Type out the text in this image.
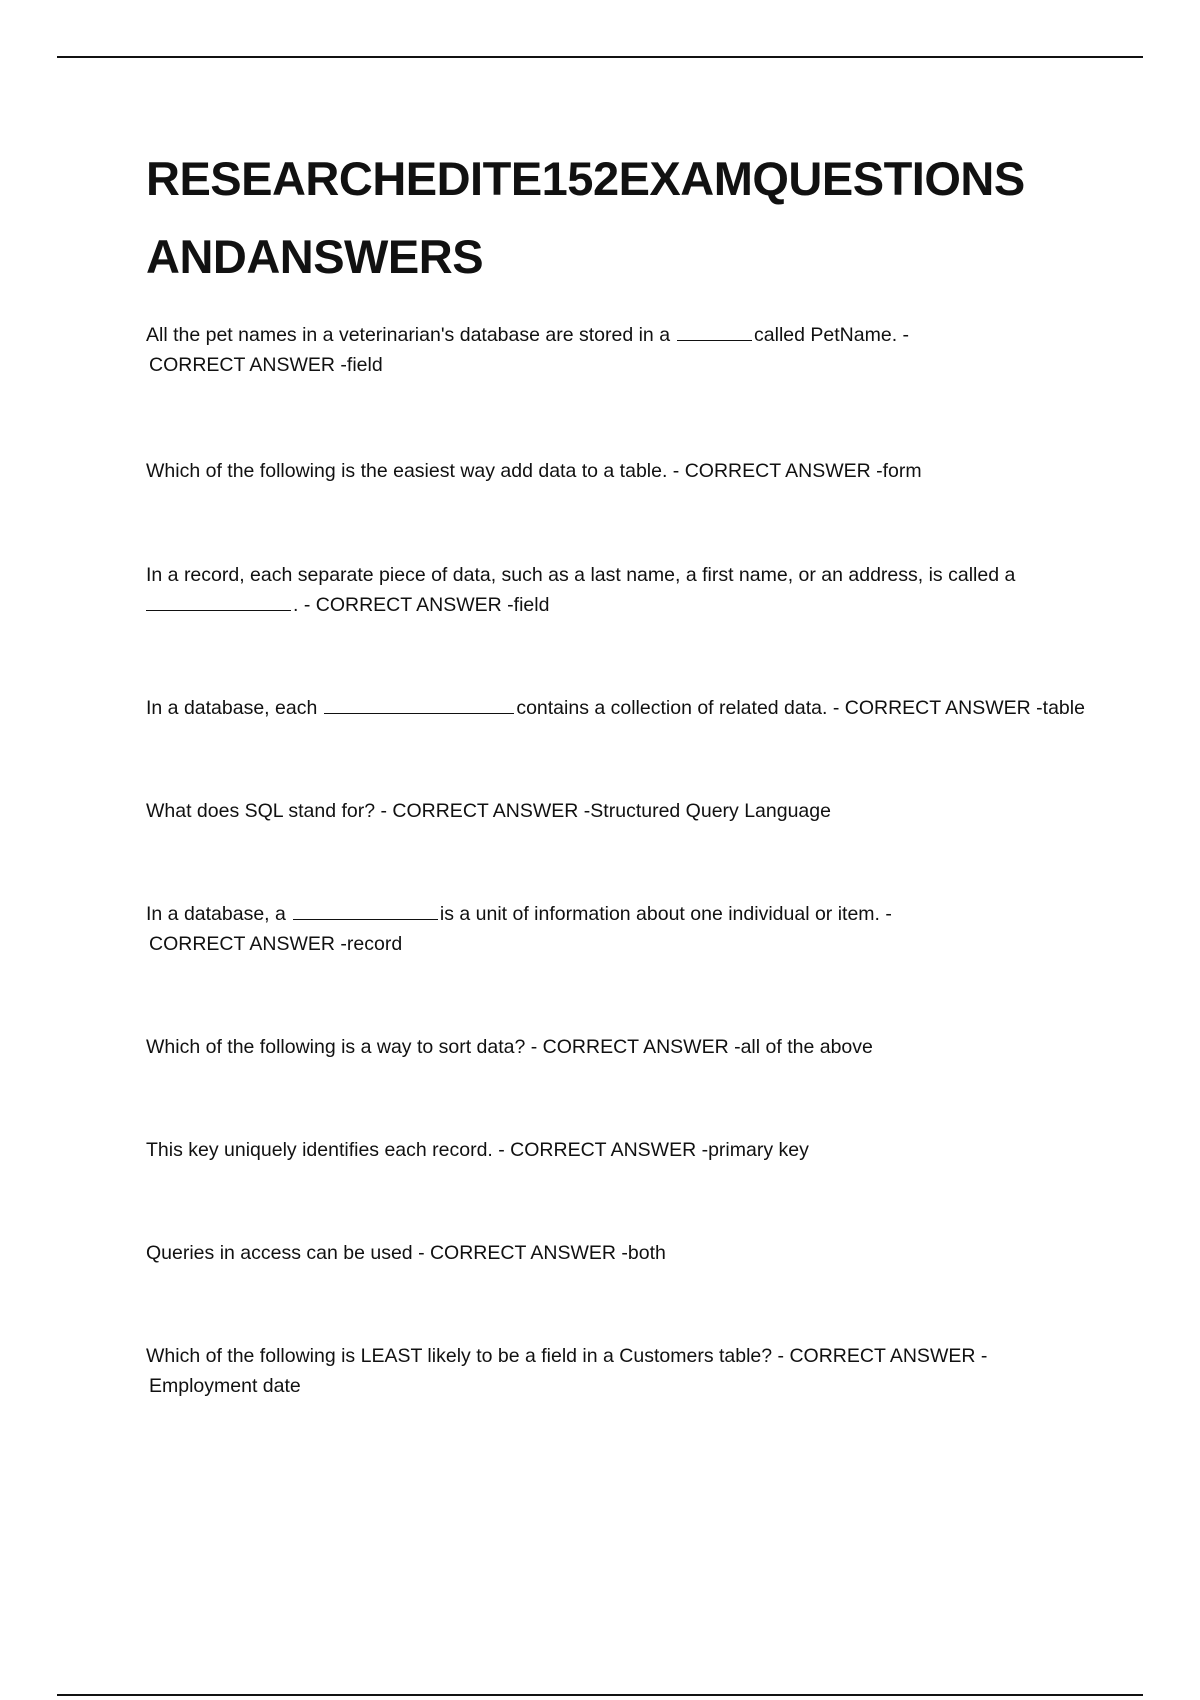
RESEARCHEDITE152EXAMQUESTIONS ANDANSWERS

All the pet names in a veterinarian's database are stored in a	called PetName. -
CORRECT ANSWER -field

Which of the following is the easiest way add data to a table. - CORRECT ANSWER -form

In a record, each separate piece of data, such as a last name, a first name, or an address, is called a
. - CORRECT ANSWER -field

In a database, each	contains a collection of related data. - CORRECT ANSWER -table

What does SQL stand for? - CORRECT ANSWER -Structured Query Language

In a database, a	is a unit of information about one individual or item. -
CORRECT ANSWER -record

Which of the following is a way to sort data? - CORRECT ANSWER -all of the above

This key uniquely identifies each record. - CORRECT ANSWER -primary key

Queries in access can be used - CORRECT ANSWER -both

Which of the following is LEAST likely to be a field in a Customers table? - CORRECT ANSWER -
Employment date
